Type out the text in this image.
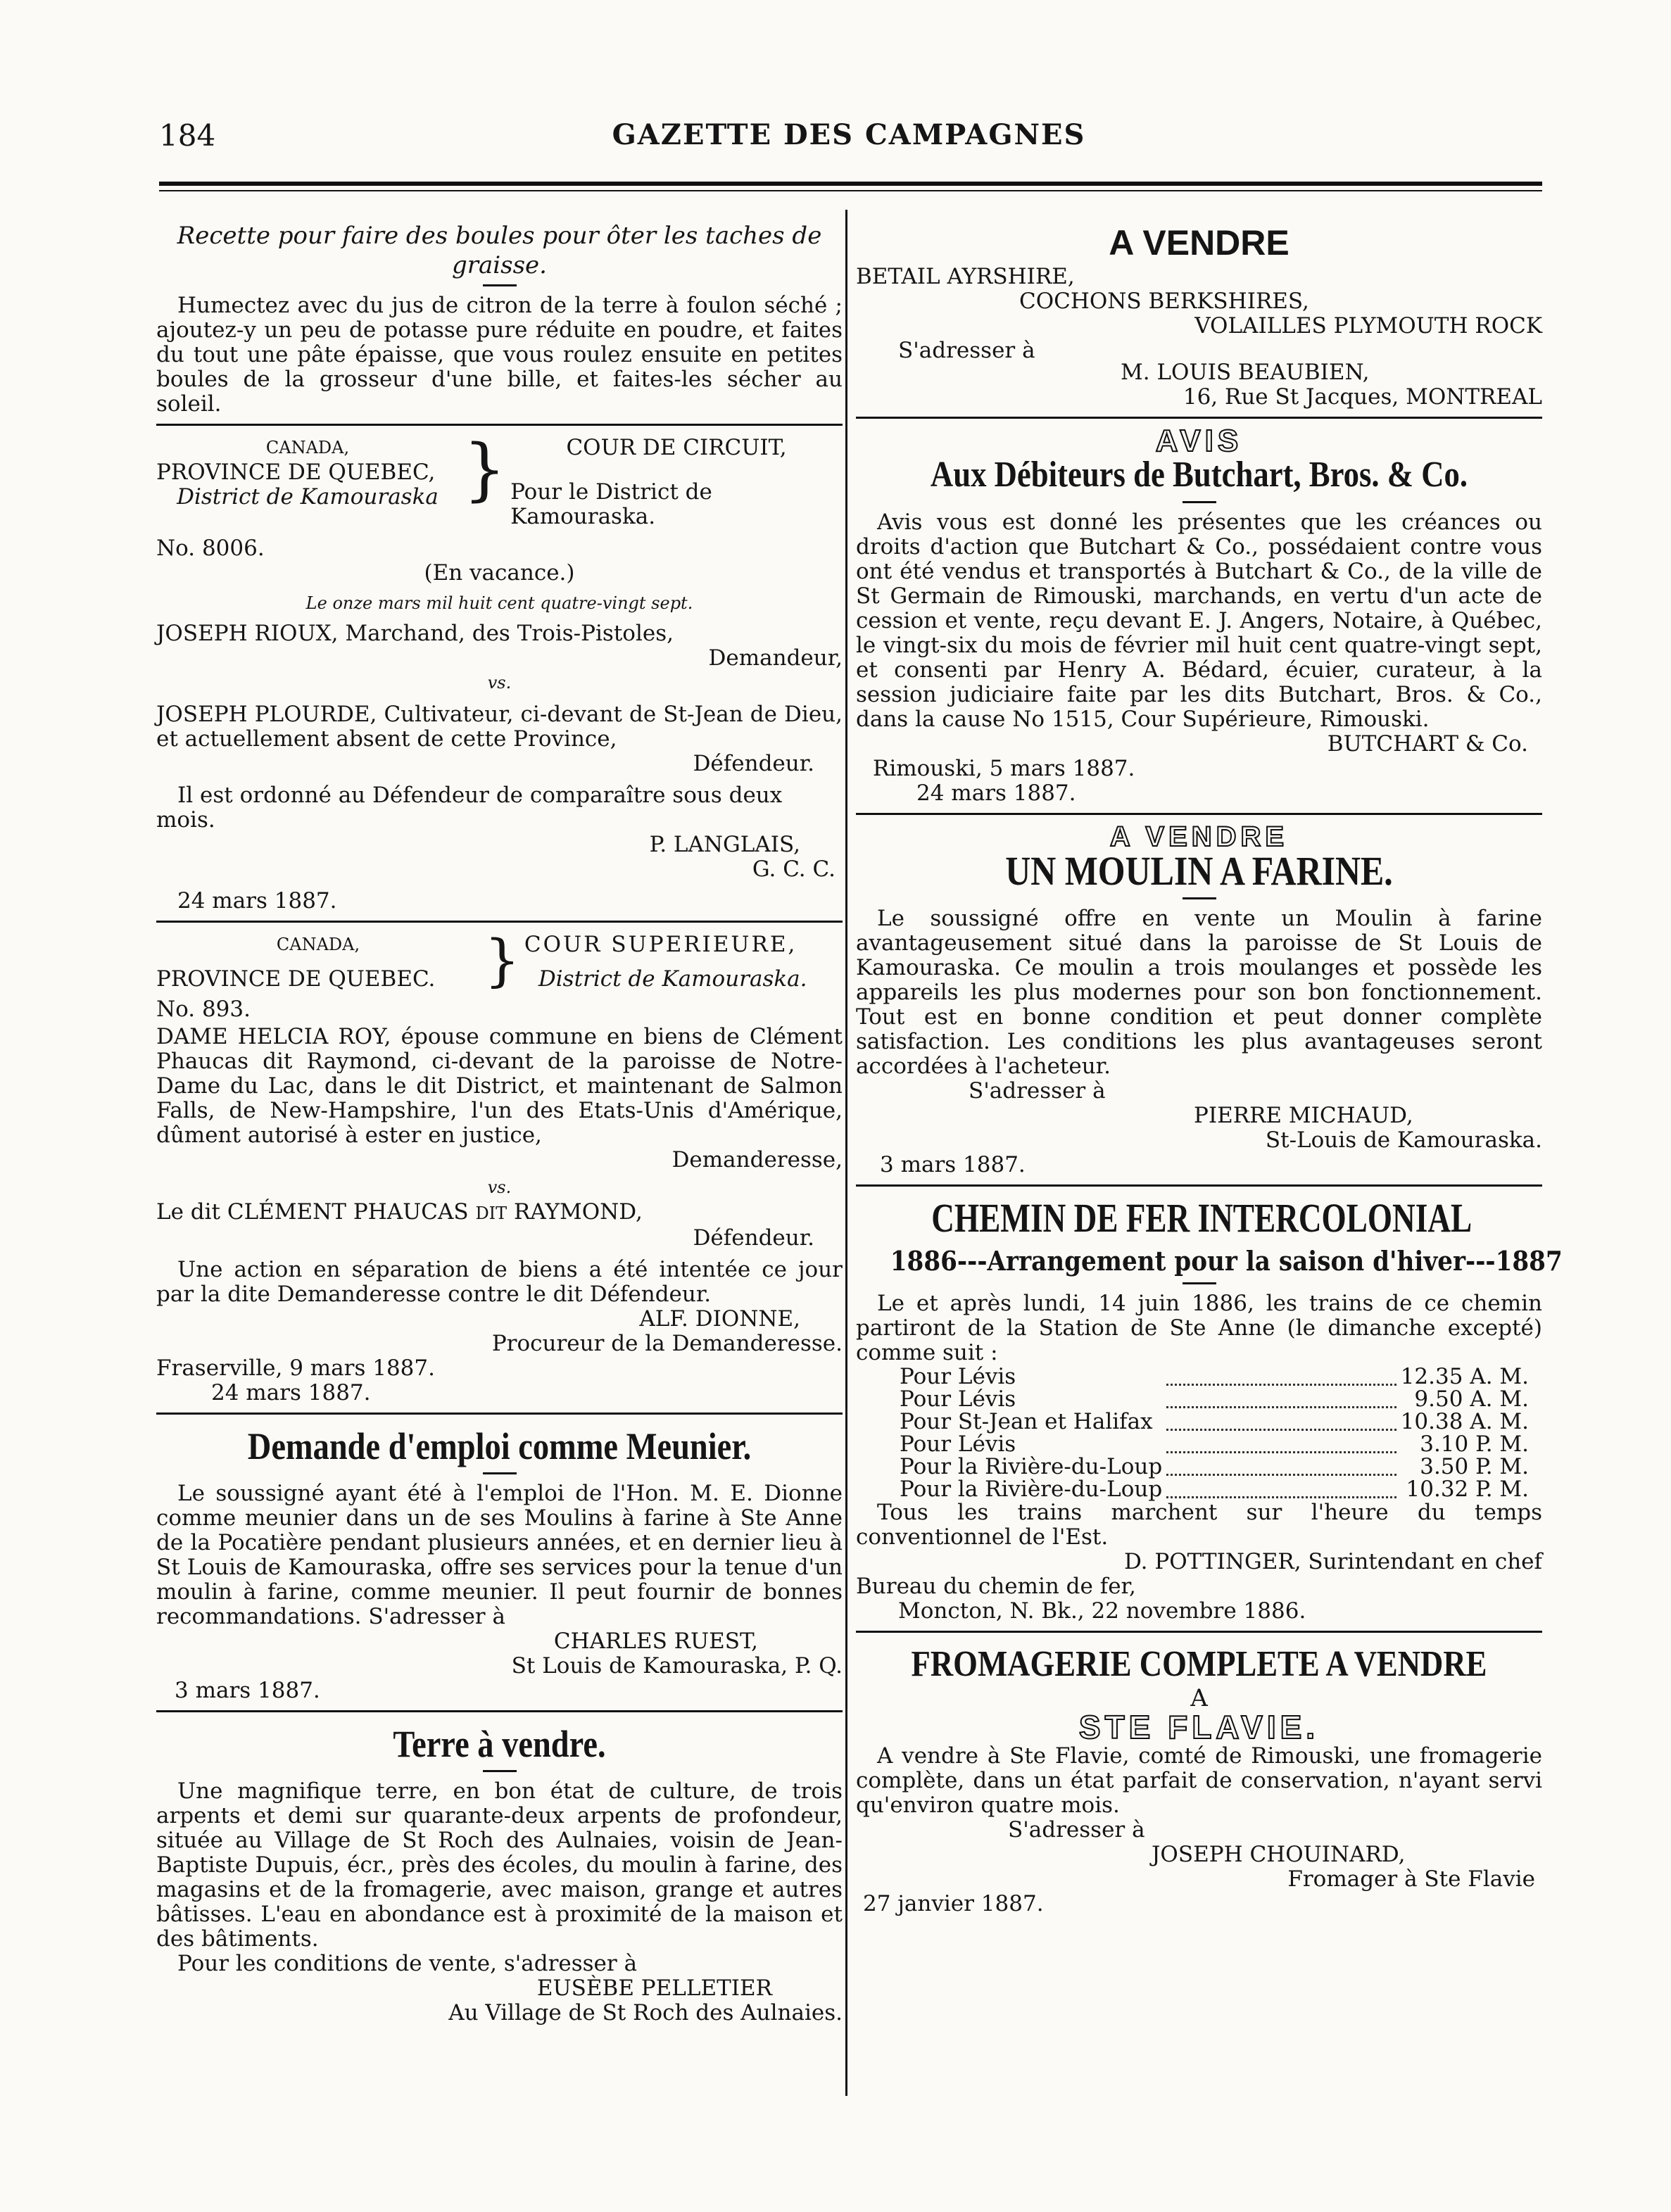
184	GAZETTE DES CAMPAGNES

Recette pour faire des boules pour ôter les taches de graisse.

Humectez avec du jus de citron de la terre à foulon séché ; ajoutez-y un peu de potasse pure réduite en poudre, et faites du tout une pâte épaisse, que vous roulez ensuite en petites boules de la grosseur d'une bille, et faites-les sécher au soleil.

CANADA,

PROVINCE DE QUEBEC,

District de Kamouraska }	COUR DE CIRCUIT,

Pour le District de Kamouraska.

No. 8006.

(En vacance.)

Le onze mars mil huit cent quatre-vingt sept.

JOSEPH RIOUX, Marchand, des Trois-Pistoles,

Demandeur,

vs.

JOSEPH PLOURDE, Cultivateur, ci-devant de St-Jean de Dieu, et actuellement absent de cette Province,

Défendeur.

Il est ordonné au Défendeur de comparaître sous deux mois.

P. LANGLAIS,

G. C. C.

24 mars 1887.

CANADA,

PROVINCE DE QUEBEC. } COUR SUPERIEURE,

District de Kamouraska.

No. 893.

DAME HELCIA ROY, épouse commune en biens de Clément Phaucas dit Raymond, ci-devant de la paroisse de Notre-Dame du Lac, dans le dit District, et maintenant de Salmon Falls, de New-Hampshire, l'un des Etats-Unis d'Amérique, dûment autorisé à ester en justice,

Demanderesse,

vs.

Le dit CLÉMENT PHAUCAS DIT RAYMOND,

Défendeur.

Une action en séparation de biens a été intentée ce jour par la dite Demanderesse contre le dit Défendeur.

ALF. DIONNE,

Procureur de la Demanderesse.

Fraserville, 9 mars 1887.

24 mars 1887.

Demande d'emploi comme Meunier.

Le soussigné ayant été à l'emploi de l'Hon. M. E. Dionne comme meunier dans un de ses Moulins à farine à Ste Anne de la Pocatière pendant plusieurs années, et en dernier lieu à St Louis de Kamouraska, offre ses services pour la tenue d'un moulin à farine, comme meunier. Il peut fournir de bonnes recommandations. S'adresser à

CHARLES RUEST,

St Louis de Kamouraska, P. Q.

3 mars 1887.

Terre à vendre.

Une magnifique terre, en bon état de culture, de trois arpents et demi sur quarante-deux arpents de profondeur, située au Village de St Roch des Aulnaies, voisin de Jean-Baptiste Dupuis, écr., près des écoles, du moulin à farine, des magasins et de la fromagerie, avec maison, grange et autres bâtisses. L'eau en abondance est à proximité de la maison et des bâtiments.

Pour les conditions de vente, s'adresser à

EUSÈBE PELLETIER

Au Village de St Roch des Aulnaies.

A VENDRE

BETAIL AYRSHIRE,

COCHONS BERKSHIRES,

VOLAILLES PLYMOUTH ROCK

S'adresser à

M. LOUIS BEAUBIEN,

16, Rue St Jacques, MONTREAL

AVIS

Aux Débiteurs de Butchart, Bros. & Co.

Avis vous est donné les présentes que les créances ou droits d'action que Butchart & Co., possédaient contre vous ont été vendus et transportés à Butchart & Co., de la ville de St Germain de Rimouski, marchands, en vertu d'un acte de cession et vente, reçu devant E. J. Angers, Notaire, à Québec, le vingt-six du mois de février mil huit cent quatre-vingt sept, et consenti par Henry A. Bédard, écuier, curateur, à la session judiciaire faite par les dits Butchart, Bros. & Co., dans la cause No 1515, Cour Supérieure, Rimouski.

BUTCHART & Co.

Rimouski, 5 mars 1887.

24 mars 1887.

A VENDRE

UN MOULIN A FARINE.

Le soussigné offre en vente un Moulin à farine avantageusement situé dans la paroisse de St Louis de Kamouraska. Ce moulin a trois moulanges et possède les appareils les plus modernes pour son bon fonctionnement. Tout est en bonne condition et peut donner complète satisfaction. Les conditions les plus avantageuses seront accordées à l'acheteur.

S'adresser à

PIERRE MICHAUD,

St-Louis de Kamouraska.

3 mars 1887.

CHEMIN DE FER INTERCOLONIAL

1886---Arrangement pour la saison d'hiver---1887

Le et après lundi, 14 juin 1886, les trains de ce chemin partiront de la Station de Ste Anne (le dimanche excepté) comme suit :

Pour Lévis		12.35 A. M.
Pour Lévis		9.50 A. M.
Pour St-Jean et Halifax		10.38 A. M.
Pour Lévis		3.10 P. M.
Pour la Rivière-du-Loup		3.50 P. M.
Pour la Rivière-du-Loup		10.32 P. M.

Tous les trains marchent sur l'heure du temps conventionnel de l'Est.

D. POTTINGER, Surintendant en chef

Bureau du chemin de fer,

Moncton, N. Bk., 22 novembre 1886.

FROMAGERIE COMPLETE A VENDRE

A

STE FLAVIE.

A vendre à Ste Flavie, comté de Rimouski, une fromagerie complète, dans un état parfait de conservation, n'ayant servi qu'environ quatre mois.

S'adresser à

JOSEPH CHOUINARD,

Fromager à Ste Flavie

27 janvier 1887.
